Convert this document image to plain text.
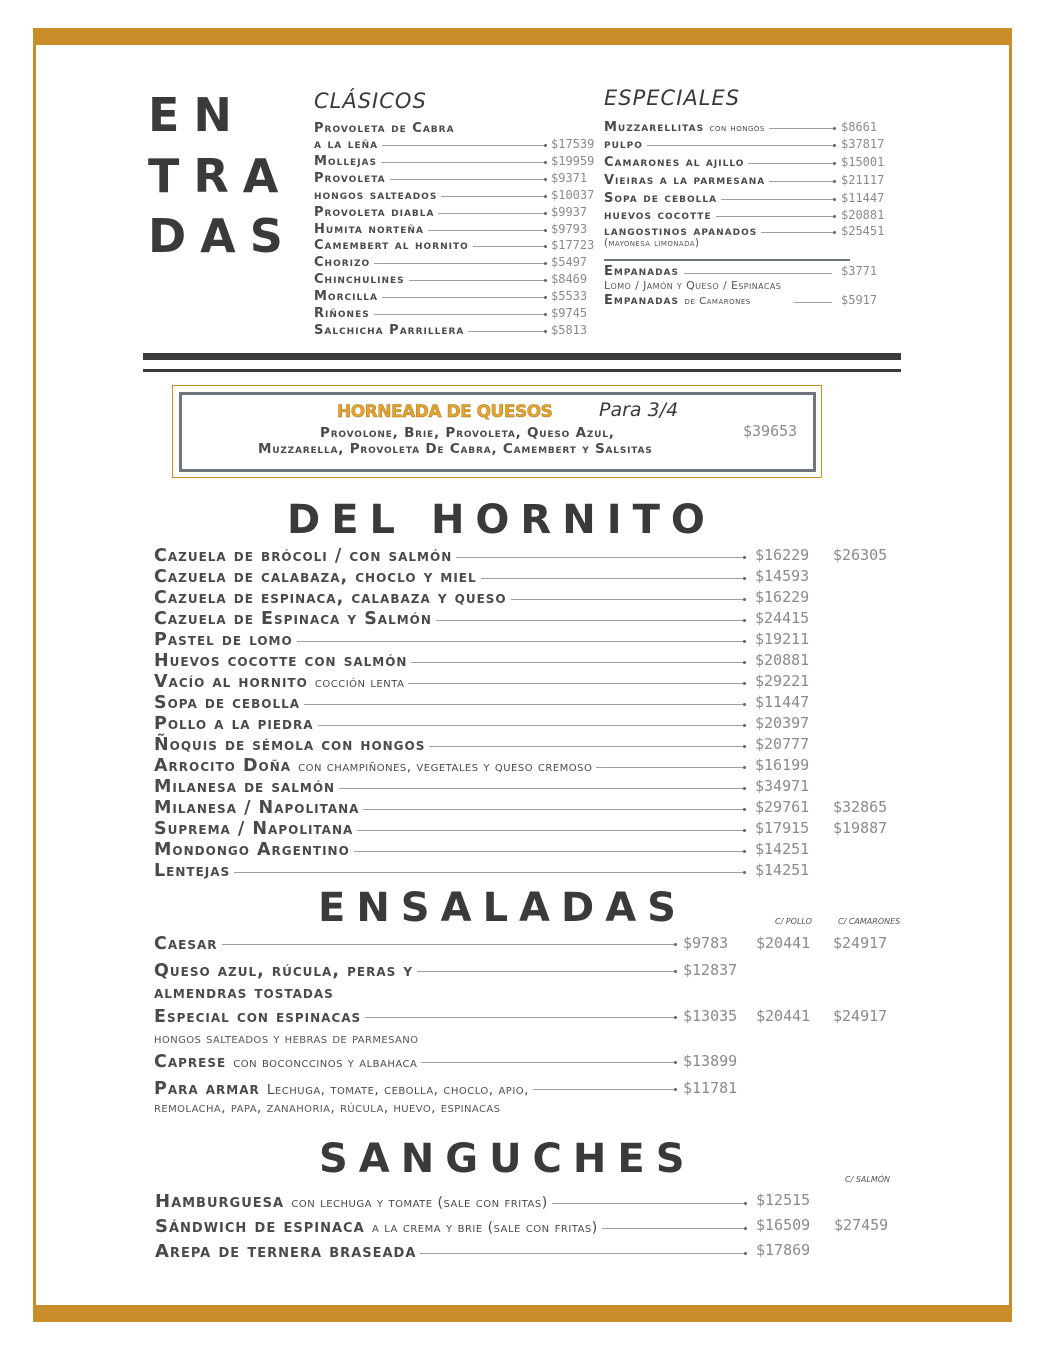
EN
TRA
DAS
CLÁSICOS
Provoleta de Cabra
a la leña	$17539
Mollejas	$19959
Provoleta	$9371
hongos salteados	$10037
Provoleta diabla	$9937
Humita norteña	$9793
Camembert al hornito	$17723
Chorizo	$5497
Chinchulines	$8469
Morcilla	$5533
Riñones	$9745
Salchicha Parrillera	$5813
ESPECIALES
Muzzarellitas con hongos	$8661
pulpo	$37817
Camarones al ajillo	$15001
Vieiras a la parmesana	$21117
Sopa de cebolla	$11447
huevos cocotte	$20881
langostinos apanados	$25451
(mayonesa limonada)
Empanadas	$3771
Lomo / Jamón y Queso / Espinacas
Empanadas de Camarones	$5917
HORNEADA DE QUESOS Para 3/4
Provolone, Brie, Provoleta, Queso Azul,
Muzzarella, Provoleta De Cabra, Camembert y Salsitas
$39653
DEL HORNITO
Cazuela de brócoli / con salmón	$16229 $26305
Cazuela de calabaza, choclo y miel	$14593
Cazuela de espinaca, calabaza y queso	$16229
Cazuela de Espinaca y Salmón	$24415
Pastel de lomo	$19211
Huevos cocotte con salmón	$20881
Vacío al hornito cocción lenta	$29221
Sopa de cebolla	$11447
Pollo a la piedra	$20397
Ñoquis de sémola con hongos	$20777
Arrocito Doña con champiñones, vegetales y queso cremoso	$16199
Milanesa de salmón	$34971
Milanesa / Napolitana	$29761 $32865
Suprema / Napolitana	$17915 $19887
Mondongo Argentino	$14251
Lentejas	$14251
ENSALADAS	C/ POLLO	C/ CAMARONES
Caesar	$9783 $20441 $24917
Queso azul, rúcula, peras y	$12837
almendras tostadas
Especial con espinacas	$13035 $20441 $24917
hongos salteados y hebras de parmesano
Caprese con boconccinos y albahaca	$13899
Para armar Lechuga, tomate, cebolla, choclo, apio,	$11781
remolacha, papa, zanahoria, rúcula, huevo, espinacas
SANGUCHES	C/ SALMÓN
Hamburguesa con lechuga y tomate (sale con fritas)	$12515
Sándwich de espinaca a la crema y brie (sale con fritas)	$16509 $27459
Arepa de ternera braseada	$17869
